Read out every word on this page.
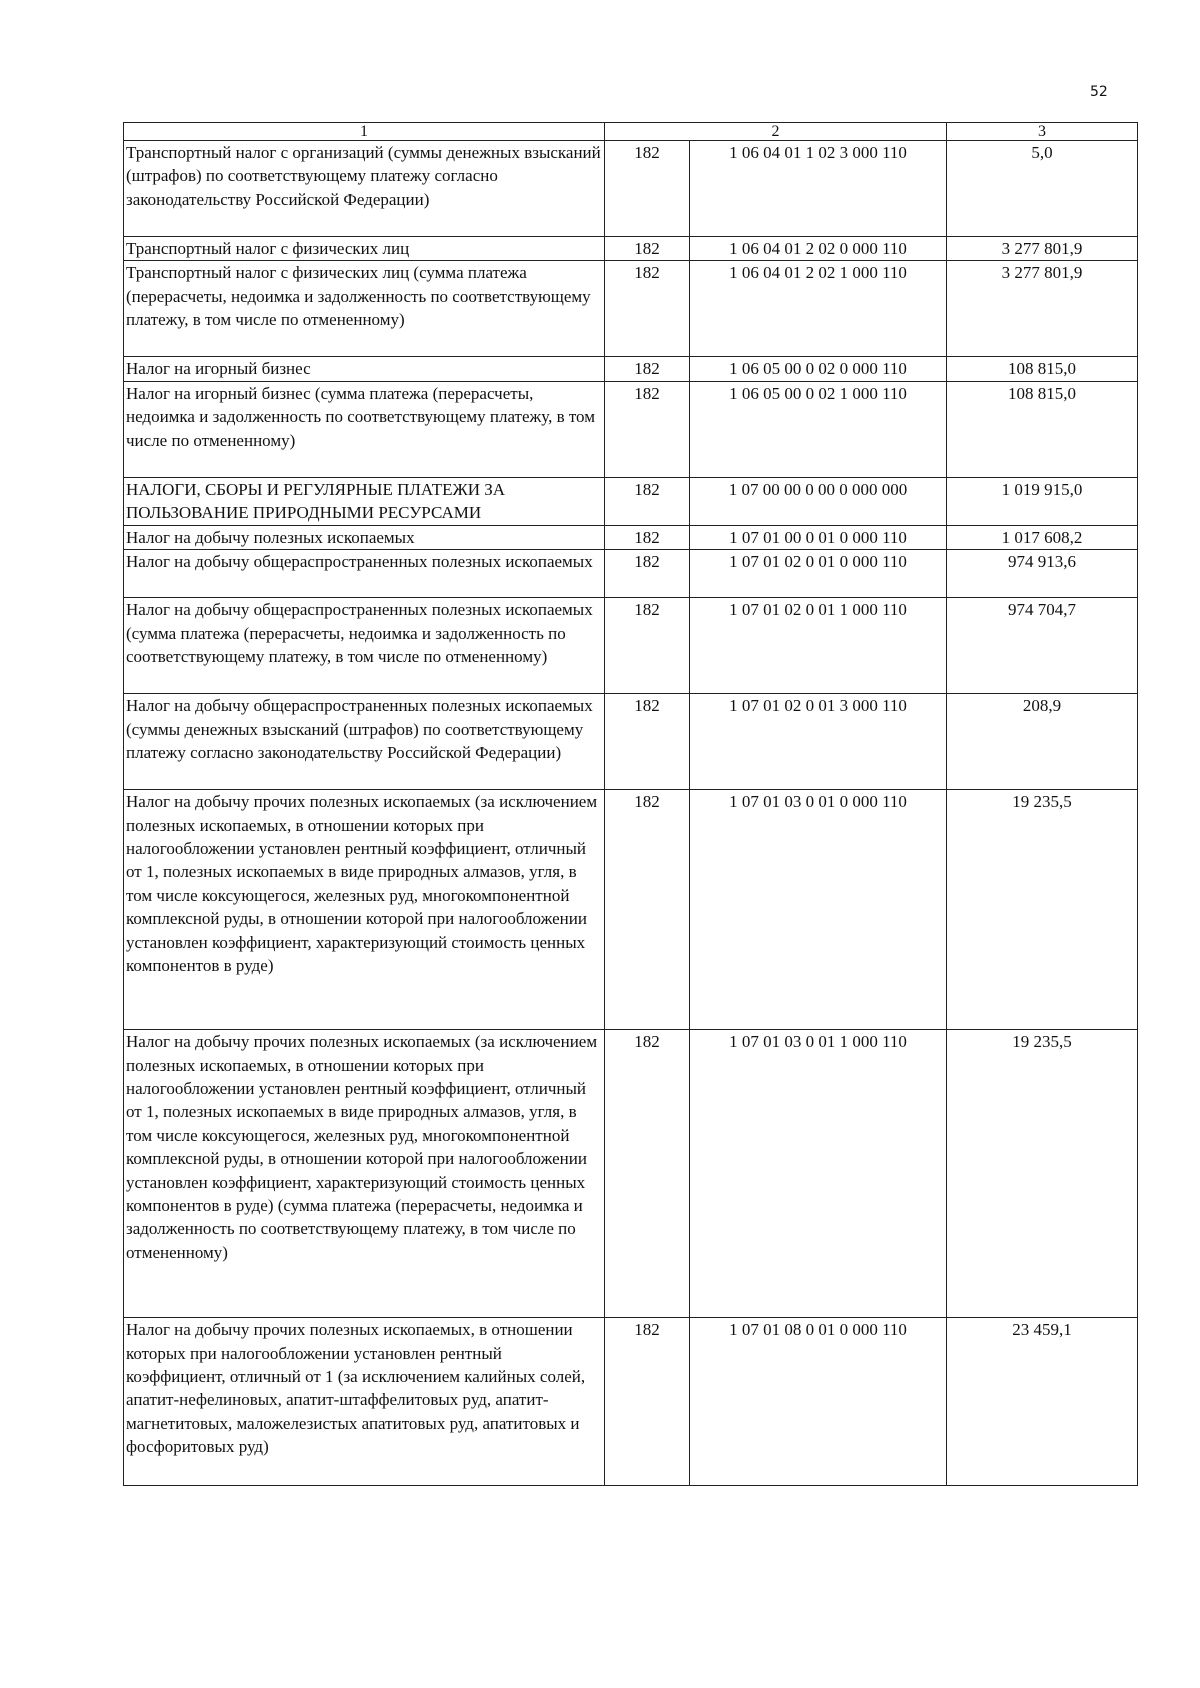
52
1	2		3
Транспортный налог с организаций (суммы денежных взысканий (штрафов) по соответствующему платежу согласно законодательству Российской Федерации)	182	1 06 04 01 1 02 3 000 110	5,0
Транспортный налог с физических лиц	182	1 06 04 01 2 02 0 000 110	3 277 801,9
Транспортный налог с физических лиц (сумма платежа (перерасчеты, недоимка и задолженность по соответствующему платежу, в том числе по отмененному)	182	1 06 04 01 2 02 1 000 110	3 277 801,9
Налог на игорный бизнес	182	1 06 05 00 0 02 0 000 110	108 815,0
Налог на игорный бизнес (сумма платежа (перерасчеты, недоимка и задолженность по соответствующему платежу, в том числе по отмененному)	182	1 06 05 00 0 02 1 000 110	108 815,0
НАЛОГИ, СБОРЫ И РЕГУЛЯРНЫЕ ПЛАТЕЖИ ЗА ПОЛЬЗОВАНИЕ ПРИРОДНЫМИ РЕСУРСАМИ	182	1 07 00 00 0 00 0 000 000	1 019 915,0
Налог на добычу полезных ископаемых	182	1 07 01 00 0 01 0 000 110	1 017 608,2
Налог на добычу общераспространенных полезных ископаемых	182	1 07 01 02 0 01 0 000 110	974 913,6
Налог на добычу общераспространенных полезных ископаемых (сумма платежа (перерасчеты, недоимка и задолженность по соответствующему платежу, в том числе по отмененному)	182	1 07 01 02 0 01 1 000 110	974 704,7
Налог на добычу общераспространенных полезных ископаемых (суммы денежных взысканий (штрафов) по соответствующему платежу согласно законодательству Российской Федерации)	182	1 07 01 02 0 01 3 000 110	208,9
Налог на добычу прочих полезных ископаемых (за исключением полезных ископаемых, в отношении которых при налогообложении установлен рентный коэффициент, отличный от 1, полезных ископаемых в виде природных алмазов, угля, в том числе коксующегося, железных руд, многокомпонентной комплексной руды, в отношении которой при налогообложении установлен коэффициент, характеризующий стоимость ценных компонентов в руде)	182	1 07 01 03 0 01 0 000 110	19 235,5
Налог на добычу прочих полезных ископаемых (за исключением полезных ископаемых, в отношении которых при налогообложении установлен рентный коэффициент, отличный от 1, полезных ископаемых в виде природных алмазов, угля, в том числе коксующегося, железных руд, многокомпонентной комплексной руды, в отношении которой при налогообложении установлен коэффициент, характеризующий стоимость ценных компонентов в руде) (сумма платежа (перерасчеты, недоимка и задолженность по соответствующему платежу, в том числе по отмененному)	182	1 07 01 03 0 01 1 000 110	19 235,5
Налог на добычу прочих полезных ископаемых, в отношении которых при налогообложении установлен рентный коэффициент, отличный от 1 (за исключением калийных солей, апатит-нефелиновых, апатит-штаффелитовых руд, апатит-магнетитовых, маложелезистых апатитовых руд, апатитовых и фосфоритовых руд)	182	1 07 01 08 0 01 0 000 110	23 459,1
